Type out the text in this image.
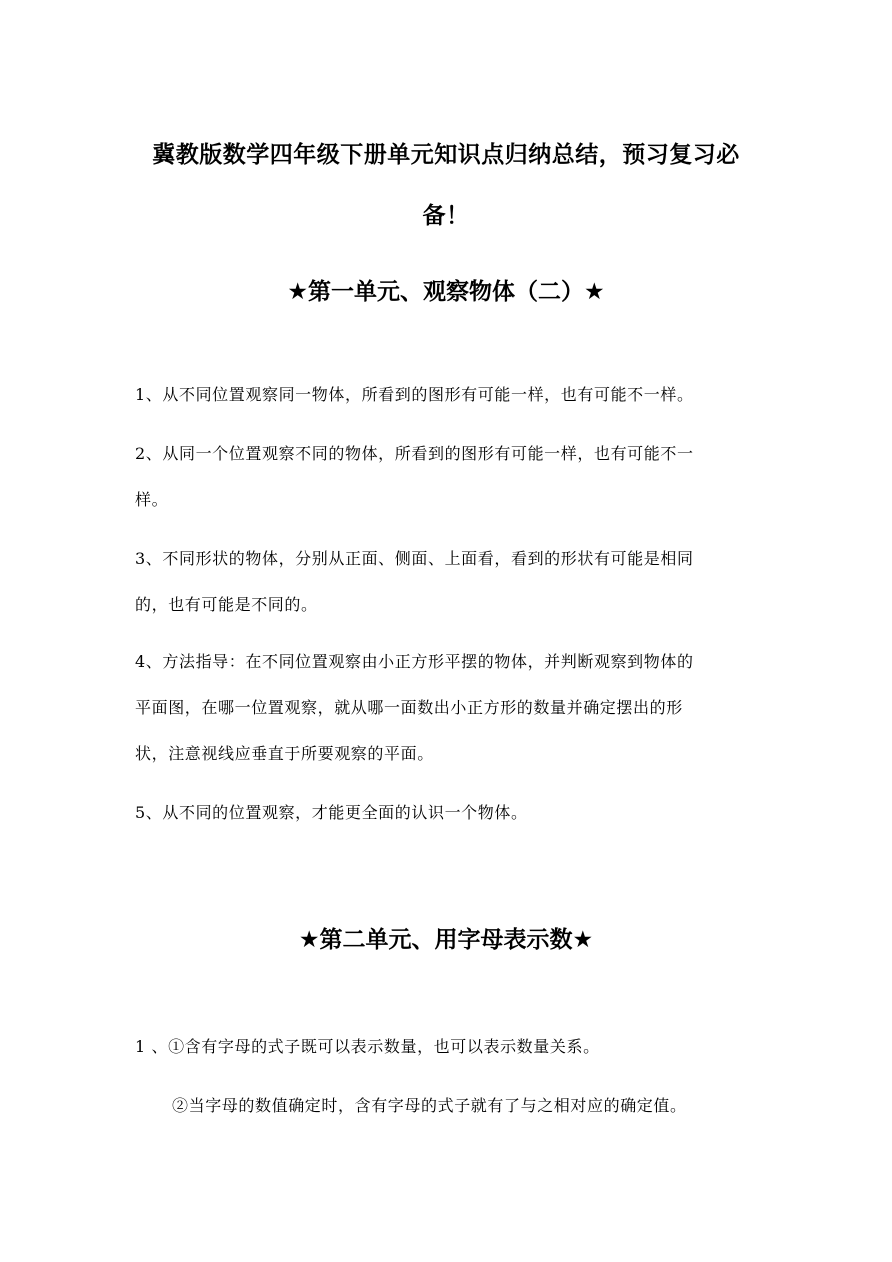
冀教版数学四年级下册单元知识点归纳总结，预习复习必
备！
★第一单元、观察物体（二）★
1、从不同位置观察同一物体，所看到的图形有可能一样，也有可能不一样。
2、从同一个位置观察不同的物体，所看到的图形有可能一样，也有可能不一
样。
3、不同形状的物体，分别从正面、侧面、上面看，看到的形状有可能是相同
的，也有可能是不同的。
4、方法指导：在不同位置观察由小正方形平摆的物体，并判断观察到物体的
平面图，在哪一位置观察，就从哪一面数出小正方形的数量并确定摆出的形
状，注意视线应垂直于所要观察的平面。
5、从不同的位置观察，才能更全面的认识一个物体。
★第二单元、用字母表示数★
1 、①含有字母的式子既可以表示数量，也可以表示数量关系。
②当字母的数值确定时，含有字母的式子就有了与之相对应的确定值。
